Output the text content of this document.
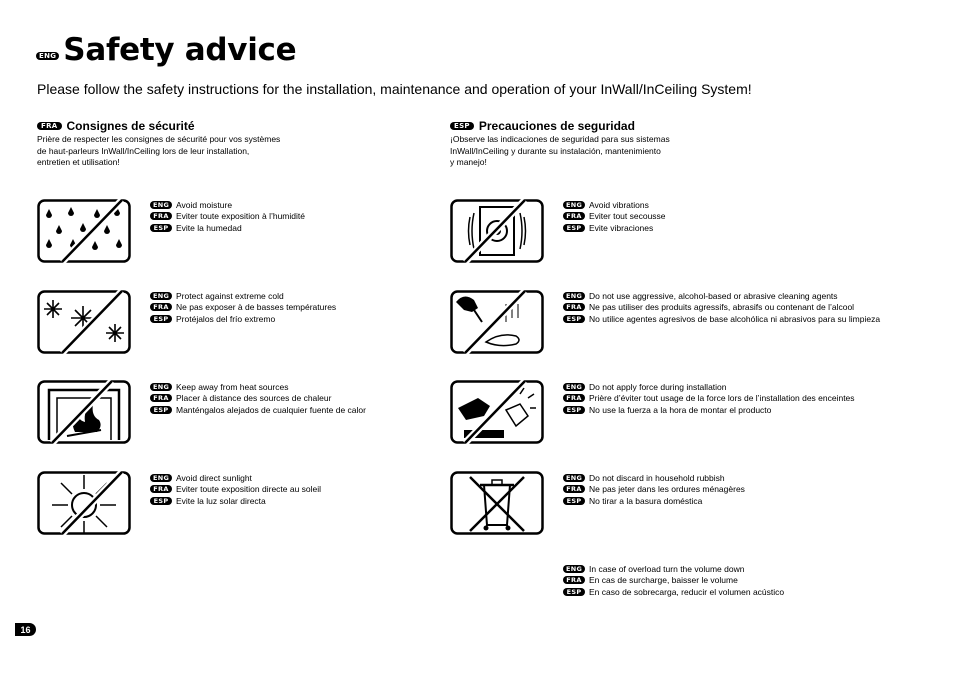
ENG Safety advice
Please follow the safety instructions for the installation, maintenance and operation of your InWall/InCeiling System!
FRA Consignes de sécurité
Prière de respecter les consignes de sécurité pour vos systèmes
de haut-parleurs InWall/InCeiling lors de leur installation,
entretien et utilisation!
ESP Precauciones de seguridad
¡Observe las indicaciones de seguridad para sus sistemas
InWall/InCeiling y durante su instalación, mantenimiento
y manejo!
ENG Avoid moisture
FRA Eviter toute exposition à l’humidité
ESP Evite la humedad
ENG Avoid vibrations
FRA Eviter tout secousse
ESP Evite vibraciones
ENG Protect against extreme cold
FRA Ne pas exposer à de basses températures
ESP Protéjalos del frío extremo
ENG Do not use aggressive, alcohol-based or abrasive cleaning agents
FRA Ne pas utiliser des produits agressifs, abrasifs ou contenant de l’alcool
ESP No utilice agentes agresivos de base alcohólica ni abrasivos para su limpieza
ENG Keep away from heat sources
FRA Placer à distance des sources de chaleur
ESP Manténgalos alejados de cualquier fuente de calor
ENG Do not apply force during installation
FRA Prière d’éviter tout usage de la force lors de l’installation des enceintes
ESP No use la fuerza a la hora de montar el producto
ENG Avoid direct sunlight
FRA Eviter toute exposition directe au soleil
ESP Evite la luz solar directa
ENG Do not discard in household rubbish
FRA Ne pas jeter dans les ordures ménagères
ESP No tirar a la basura doméstica
ENG In case of overload turn the volume down
FRA En cas de surcharge, baisser le volume
ESP En caso de sobrecarga, reducir el volumen acústico
16
